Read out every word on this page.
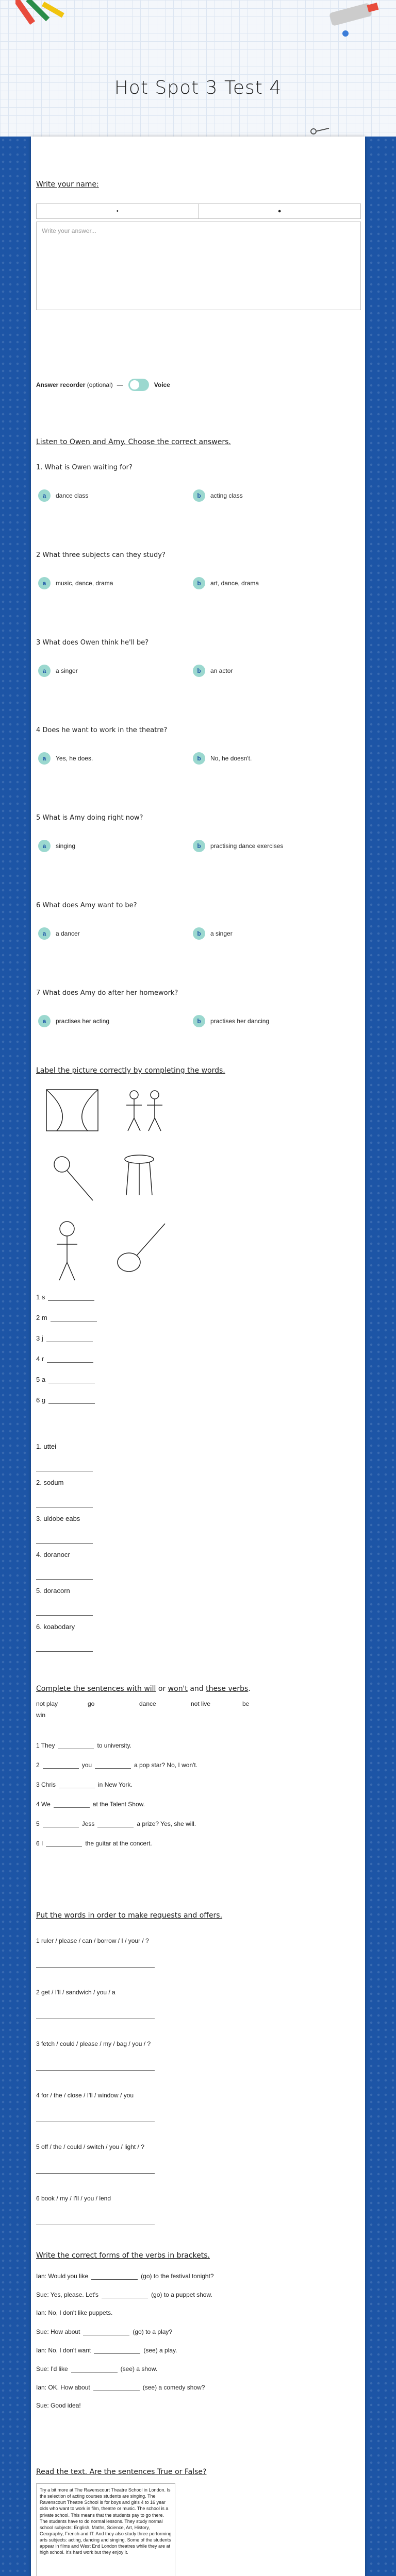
Hot Spot 3 Test 4
Write your name:
•	●
Write your answer...
Answer recorder
(optional) —	Voice
Listen to Owen and Amy. Choose the correct answers.
1. What is Owen waiting for?
a	dance class	b	acting class
2 What three subjects can they study?
a	music, dance, drama	b	art, dance, drama
3 What does Owen think he'll be?
a	a singer	b	an actor
4 Does he want to work in the theatre?
a	Yes, he does.	b	No, he doesn't.
5 What is Amy doing right now?
a	singing	b	practising dance exercises
6 What does Amy want to be?
a	a dancer	b	a singer
7 What does Amy do after her homework?
a	practises her acting	b	practises her dancing
Label the picture correctly by completing the words.
1 s
2 m
3 j
4 r
5 a
6 g
1. uttei
2. sodum
3. uldobe eabs
4. doranocr
5. doracorn
6. koabodary
Complete the sentences with will or won't and these verbs.
not play	go	dance	not live	be
win
1 They	to university.
2	you	a pop star? No, I won't.
3 Chris	in New York.
4 We	at the Talent Show.
5	Jess	a prize? Yes, she will.
6 I	the guitar at the concert.
Put the words in order to make requests and offers.
1 ruler / please / can / borrow / I / your / ?
2 get / I'll / sandwich / you / a
3 fetch / could / please / my / bag / you / ?
4 for / the / close / I'll / window / you
5 off / the / could / switch / you / light / ?
6 book / my / I'll / you / lend
Write the correct forms of the verbs in brackets.
Ian: Would you like	(go) to the festival tonight?
Sue: Yes, please. Let's	(go) to a puppet show.
Ian: No, I don't like puppets.
Sue: How about	(go) to a play?
Ian: No, I don't want	(see) a play.
Sue: I'd like	(see) a show.
Ian: OK. How about	(see) a comedy show?
Sue: Good idea!
Read the text. Are the sentences True or False?
Try a bit more at The Ravenscourt Theatre School in London. Is the selection of acting courses students are singing. The Ravenscourt Theatre School is for boys and girls 4 to 16 year olds who want to work in film, theatre or music. The school is a private school. This means that the students pay to go there. The students have to do normal lessons. They study normal school subjects: English, Maths, Science, Art, History, Geography, French and IT. And they also study three performing arts subjects: acting, dancing and singing. Some of the students appear in films and West End London theatres while they are at high school. It's hard work but they enjoy it.
